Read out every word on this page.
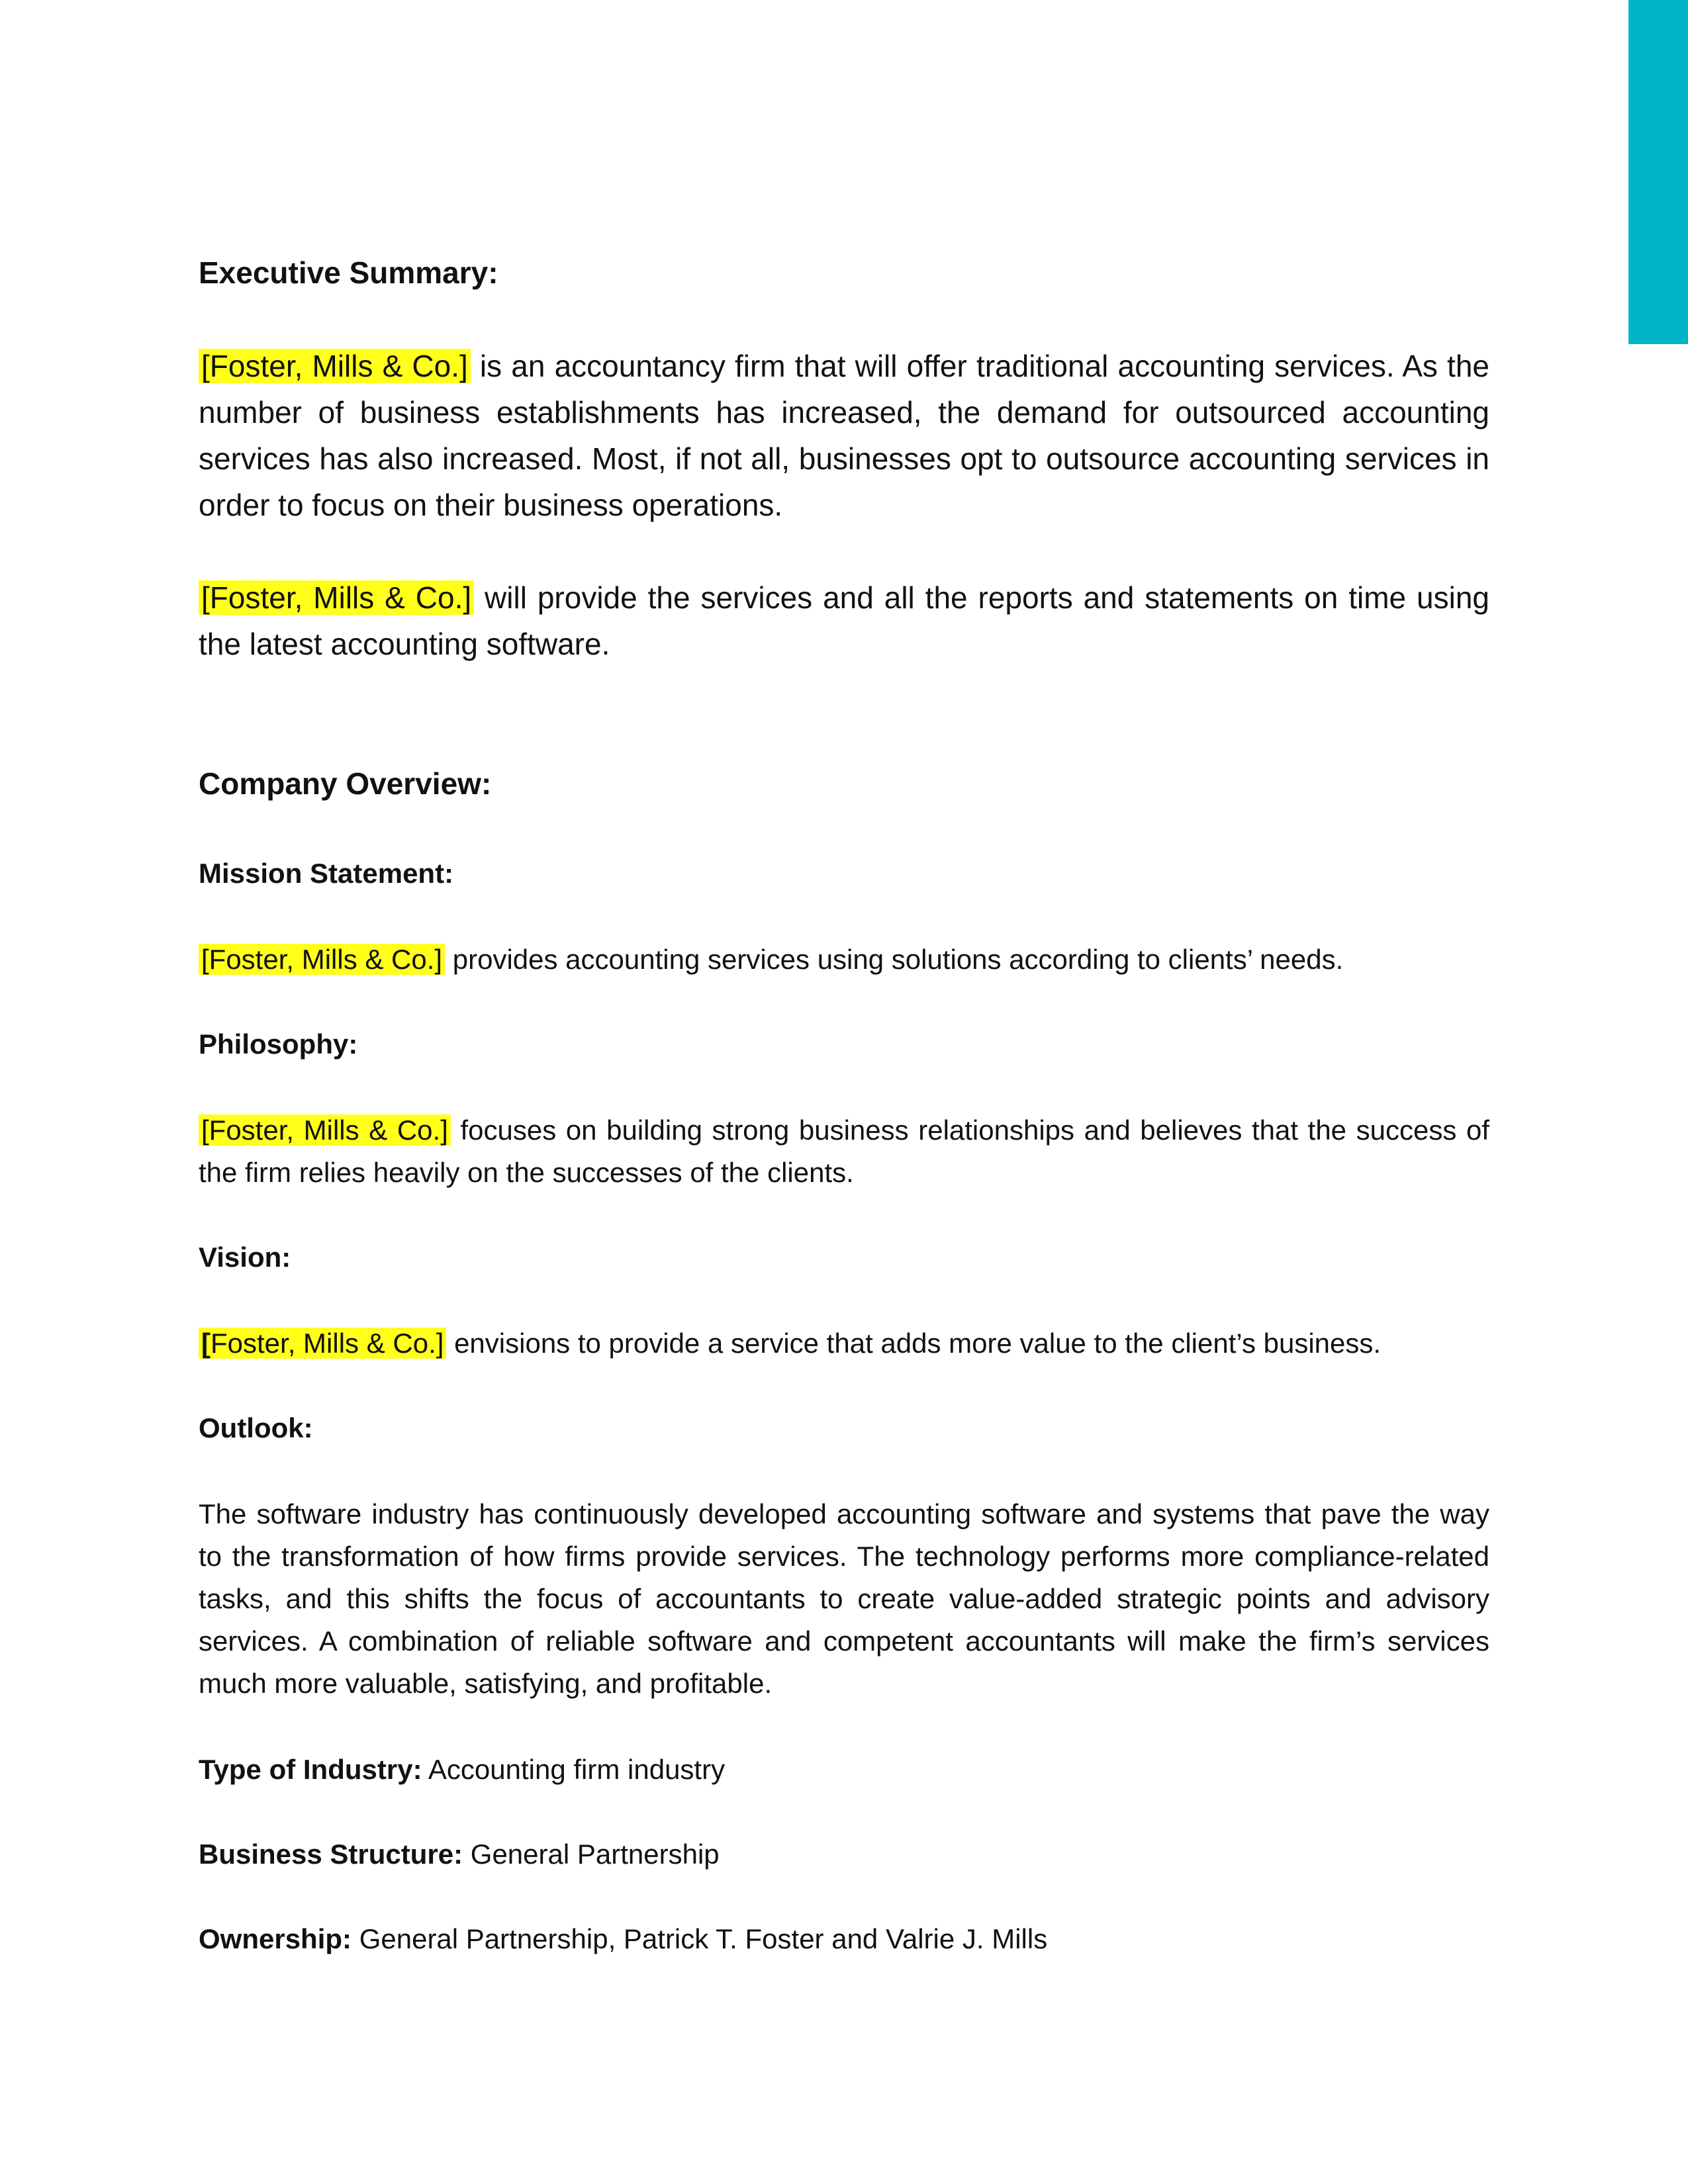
Executive Summary:

[Foster, Mills & Co.] is an accountancy firm that will offer traditional accounting services. As the number of business establishments has increased, the demand for outsourced accounting services has also increased. Most, if not all, businesses opt to outsource accounting services in order to focus on their business operations.

[Foster, Mills & Co.] will provide the services and all the reports and statements on time using the latest accounting software.

Company Overview:
Mission Statement:

[Foster, Mills & Co.] provides accounting services using solutions according to clients’ needs.

Philosophy:

[Foster, Mills & Co.] focuses on building strong business relationships and believes that the success of the firm relies heavily on the successes of the clients.

Vision:

[Foster, Mills & Co.] envisions to provide a service that adds more value to the client’s business.

Outlook:

The software industry has continuously developed accounting software and systems that pave the way to the transformation of how firms provide services. The technology performs more compliance-related tasks, and this shifts the focus of accountants to create value-added strategic points and advisory services. A combination of reliable software and competent accountants will make the firm’s services much more valuable, satisfying, and profitable.

Type of Industry: Accounting firm industry

Business Structure: General Partnership

Ownership: General Partnership, Patrick T. Foster and Valrie J. Mills
